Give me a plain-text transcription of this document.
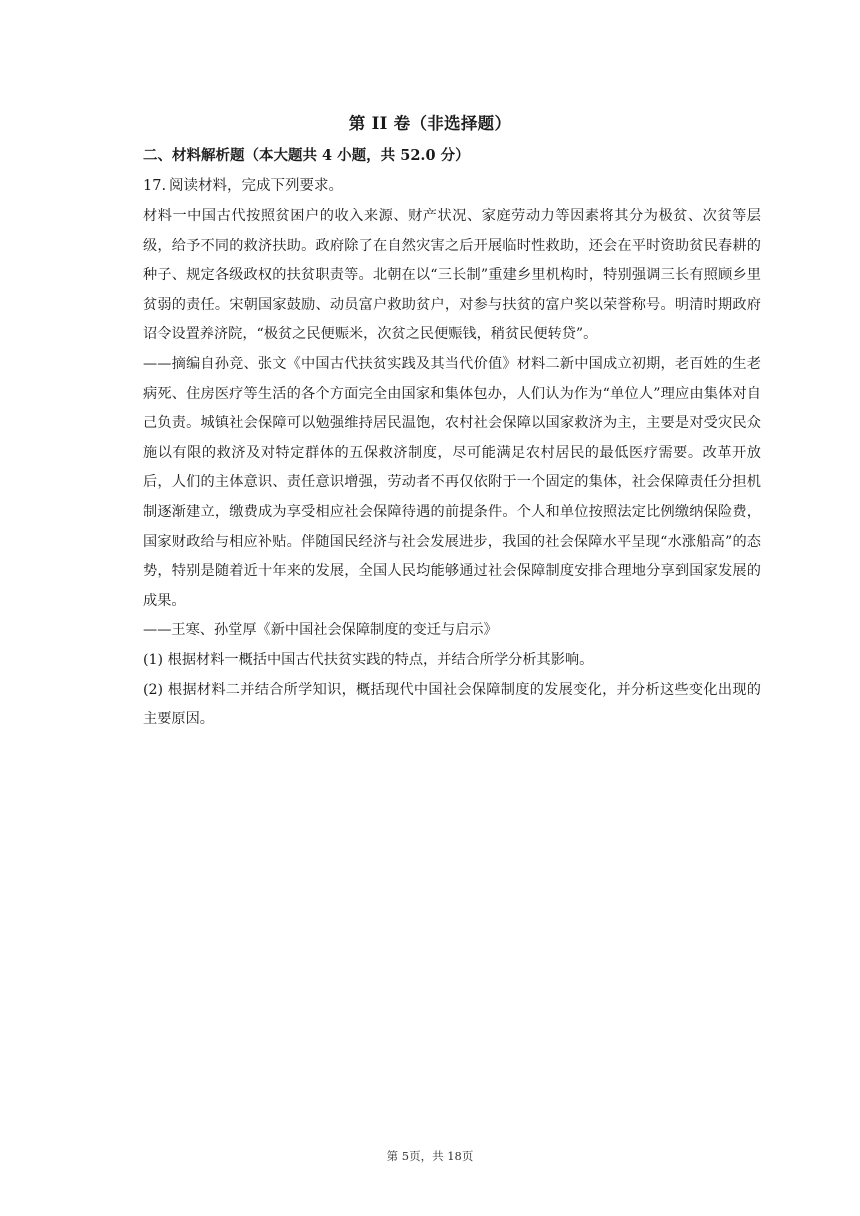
第 II 卷（非选择题）

二、材料解析题（本大题共 4 小题，共 52.0 分）

17. 阅读材料，完成下列要求。

材料一中国古代按照贫困户的收入来源、财产状况、家庭劳动力等因素将其分为极贫、次贫等层级，给予不同的救济扶助。政府除了在自然灾害之后开展临时性救助，还会在平时资助贫民春耕的种子、规定各级政权的扶贫职责等。北朝在以“三长制”重建乡里机构时，特别强调三长有照顾乡里贫弱的责任。宋朝国家鼓励、动员富户救助贫户，对参与扶贫的富户奖以荣誉称号。明清时期政府诏令设置养济院，“极贫之民便赈米，次贫之民便赈钱，稍贫民便转贷”。

——摘编自孙竞、张文《中国古代扶贫实践及其当代价值》材料二新中国成立初期，老百姓的生老病死、住房医疗等生活的各个方面完全由国家和集体包办，人们认为作为“单位人”理应由集体对自己负责。城镇社会保障可以勉强维持居民温饱，农村社会保障以国家救济为主，主要是对受灾民众施以有限的救济及对特定群体的五保救济制度，尽可能满足农村居民的最低医疗需要。改革开放后，人们的主体意识、责任意识增强，劳动者不再仅依附于一个固定的集体，社会保障责任分担机制逐渐建立，缴费成为享受相应社会保障待遇的前提条件。个人和单位按照法定比例缴纳保险费，国家财政给与相应补贴。伴随国民经济与社会发展进步，我国的社会保障水平呈现“水涨船高”的态势，特别是随着近十年来的发展，全国人民均能够通过社会保障制度安排合理地分享到国家发展的成果。

——王寒、孙堂厚《新中国社会保障制度的变迁与启示》

(1) 根据材料一概括中国古代扶贫实践的特点，并结合所学分析其影响。

(2) 根据材料二并结合所学知识，概括现代中国社会保障制度的发展变化，并分析这些变化出现的主要原因。

第 5页，共 18页
